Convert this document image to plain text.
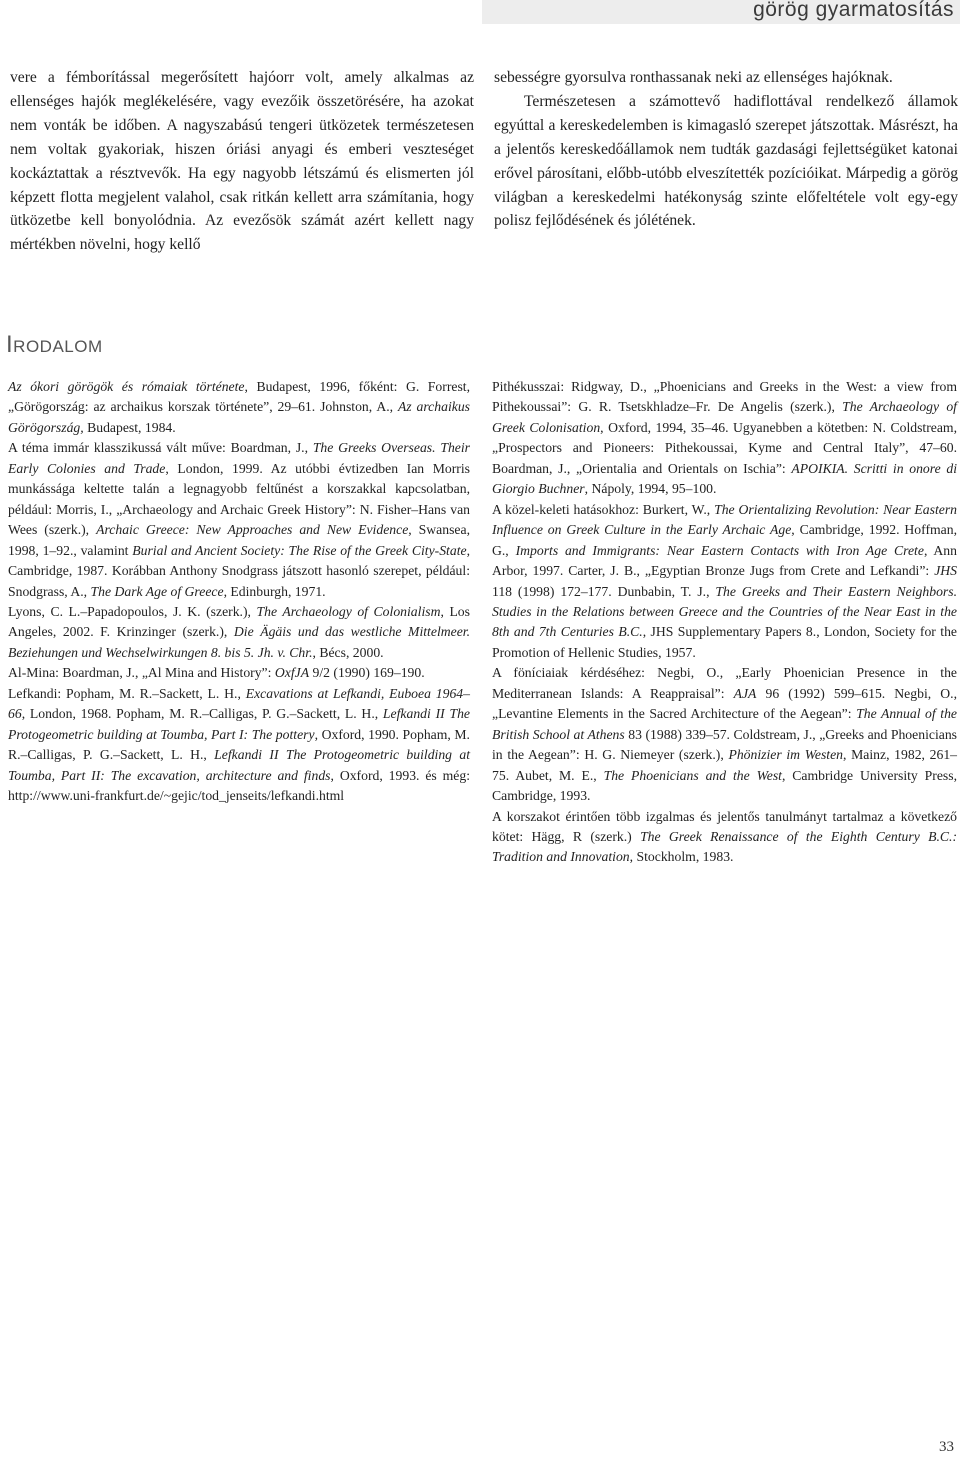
görög gyarmatosítás

vere a fémborítással megerősített hajóorr volt, amely alkalmas az ellenséges hajók meglékelésére, vagy evezőik összetörésére, ha azokat nem vonták be időben. A nagyszabású tengeri ütközetek természetesen nem voltak gyakoriak, hiszen óriási anyagi és emberi veszteséget kockáztattak a résztvevők. Ha egy nagyobb létszámú és elismerten jól képzett flotta megjelent valahol, csak ritkán kellett arra számítania, hogy ütközetbe kell bonyolódnia. Az evezősök számát azért kellett nagy mértékben növelni, hogy kellő

sebességre gyorsulva ronthassanak neki az ellenséges hajóknak.

Természetesen a számottevő hadiflottával rendelkező államok egyúttal a kereskedelemben is kimagasló szerepet játszottak. Másrészt, ha a jelentős kereskedőállamok nem tudták gazdasági fejlettségüket katonai erővel párosítani, előbb-utóbb elveszítették pozícióikat. Márpedig a görög világban a kereskedelmi hatékonyság szinte előfeltétele volt egy-egy polisz fejlődésének és jólétének.

Irodalom

Az ókori görögök és rómaiak története, Budapest, 1996, főként: G. Forrest, „Görögország: az archaikus korszak története”, 29–61. Johnston, A., Az archaikus Görögország, Budapest, 1984.

A téma immár klasszikussá vált műve: Boardman, J., The Greeks Overseas. Their Early Colonies and Trade, London, 1999. Az utóbbi évtizedben Ian Morris munkássága keltette talán a legnagyobb feltűnést a korszakkal kapcsolatban, például: Morris, I., „Archaeology and Archaic Greek History”: N. Fisher–Hans van Wees (szerk.), Archaic Greece: New Approaches and New Evidence, Swansea, 1998, 1–92., valamint Burial and Ancient Society: The Rise of the Greek City-State, Cambridge, 1987. Korábban Anthony Snodgrass játszott hasonló szerepet, például: Snodgrass, A., The Dark Age of Greece, Edinburgh, 1971.

Lyons, C. L.–Papadopoulos, J. K. (szerk.), The Archaeology of Colonialism, Los Angeles, 2002. F. Krinzinger (szerk.), Die Ägäis und das westliche Mittelmeer. Beziehungen und Wechselwirkungen 8. bis 5. Jh. v. Chr., Bécs, 2000.

Al-Mina: Boardman, J., „Al Mina and History”: OxfJA 9/2 (1990) 169–190.

Lefkandi: Popham, M. R.–Sackett, L. H., Excavations at Lefkandi, Euboea 1964–66, London, 1968. Popham, M. R.–Calligas, P. G.–Sackett, L. H., Lefkandi II The Protogeometric building at Toumba, Part I: The pottery, Oxford, 1990. Popham, M. R.–Calligas, P. G.–Sackett, L. H., Lefkandi II The Protogeometric building at Toumba, Part II: The excavation, architecture and finds, Oxford, 1993. és még: http://www.uni-frankfurt.de/~gejic/tod_jenseits/lefkandi.html

Pithékusszai: Ridgway, D., „Phoenicians and Greeks in the West: a view from Pithekoussai”: G. R. Tsetskhladze–Fr. De Angelis (szerk.), The Archaeology of Greek Colonisation, Oxford, 1994, 35–46. Ugyanebben a kötetben: N. Coldstream, „Prospectors and Pioneers: Pithekoussai, Kyme and Central Italy”, 47–60. Boardman, J., „Orientalia and Orientals on Ischia”: APOIKIA. Scritti in onore di Giorgio Buchner, Nápoly, 1994, 95–100.

A közel-keleti hatásokhoz: Burkert, W., The Orientalizing Revolution: Near Eastern Influence on Greek Culture in the Early Archaic Age, Cambridge, 1992. Hoffman, G., Imports and Immigrants: Near Eastern Contacts with Iron Age Crete, Ann Arbor, 1997. Carter, J. B., „Egyptian Bronze Jugs from Crete and Lefkandi”: JHS 118 (1998) 172–177. Dunbabin, T. J., The Greeks and Their Eastern Neighbors. Studies in the Relations between Greece and the Countries of the Near East in the 8th and 7th Centuries B.C., JHS Supplementary Papers 8., London, Society for the Promotion of Hellenic Studies, 1957.

A föníciaiak kérdéséhez: Negbi, O., „Early Phoenician Presence in the Mediterranean Islands: A Reappraisal”: AJA 96 (1992) 599–615. Negbi, O., „Levantine Elements in the Sacred Architecture of the Aegean”: The Annual of the British School at Athens 83 (1988) 339–57. Coldstream, J., „Greeks and Phoenicians in the Aegean”: H. G. Niemeyer (szerk.), Phönizier im Westen, Mainz, 1982, 261–75. Aubet, M. E., The Phoenicians and the West, Cambridge University Press, Cambridge, 1993.

A korszakot érintően több izgalmas és jelentős tanulmányt tartalmaz a következő kötet: Hägg, R (szerk.) The Greek Renaissance of the Eighth Century B.C.: Tradition and Innovation, Stockholm, 1983.

33
